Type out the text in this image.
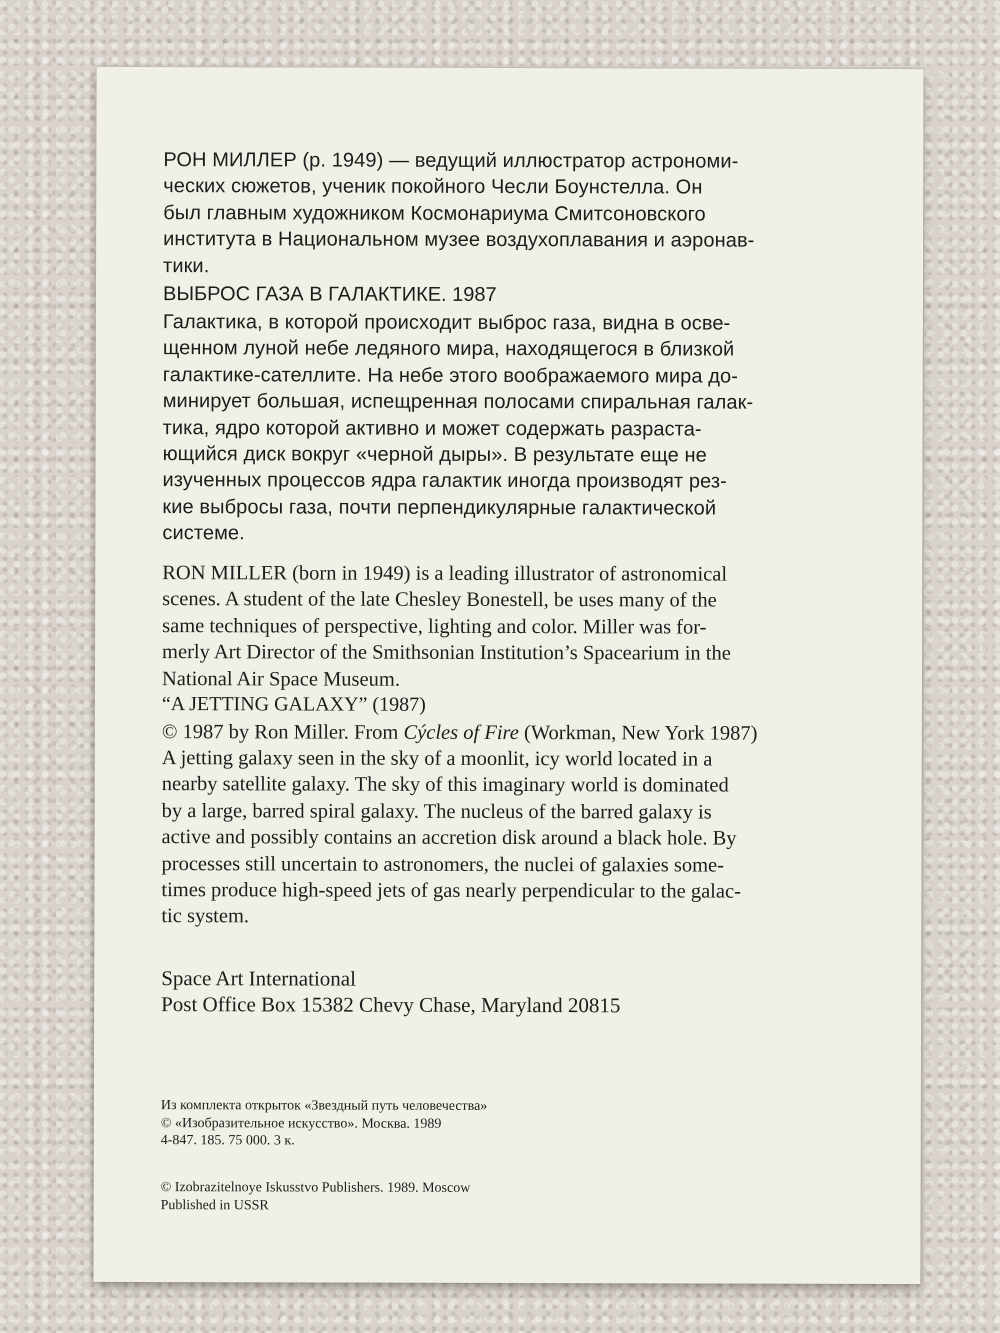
РОН МИЛЛЕР (р. 1949) — ведущий иллюстратор астрономи-
ческих сюжетов, ученик покойного Чесли Боунстелла. Он
был главным художником Космонариума Смитсоновского
института в Национальном музее воздухоплавания и аэронав-
тики.

ВЫБРОС ГАЗА В ГАЛАКТИКЕ. 1987

Галактика, в которой происходит выброс газа, видна в осве-
щенном луной небе ледяного мира, находящегося в близкой
галактике-сателлите. На небе этого воображаемого мира до-
минирует большая, испещренная полосами спиральная галак-
тика, ядро которой активно и может содержать разраста-
ющийся диск вокруг «черной дыры». В результате еще не
изученных процессов ядра галактик иногда производят рез-
кие выбросы газа, почти перпендикулярные галактической
системе.
RON MILLER (born in 1949) is a leading illustrator of astronomical
scenes. A student of the late Chesley Bonestell, be uses many of the
same techniques of perspective, lighting and color. Miller was for-
merly Art Director of the Smithsonian Institution’s Spacearium in the
National Air Space Museum.

“A JETTING GALAXY” (1987)

© 1987 by Ron Miller. From Cýcles of Fire (Workman, New York 1987)

A jetting galaxy seen in the sky of a moonlit, icy world located in a
nearby satellite galaxy. The sky of this imaginary world is dominated
by a large, barred spiral galaxy. The nucleus of the barred galaxy is
active and possibly contains an accretion disk around a black hole. By
processes still uncertain to astronomers, the nuclei of galaxies some-
times produce high-speed jets of gas nearly perpendicular to the galac-
tic system.
Space Art International
Post Office Box 15382 Chevy Chase, Maryland 20815
Из комплекта открыток «Звездный путь человечества»
© «Изобразительное искусство». Москва. 1989
4-847. 185. 75 000. 3 к.
© Izobrazitelnoye Iskusstvo Publishers. 1989. Moscow
Published in USSR
